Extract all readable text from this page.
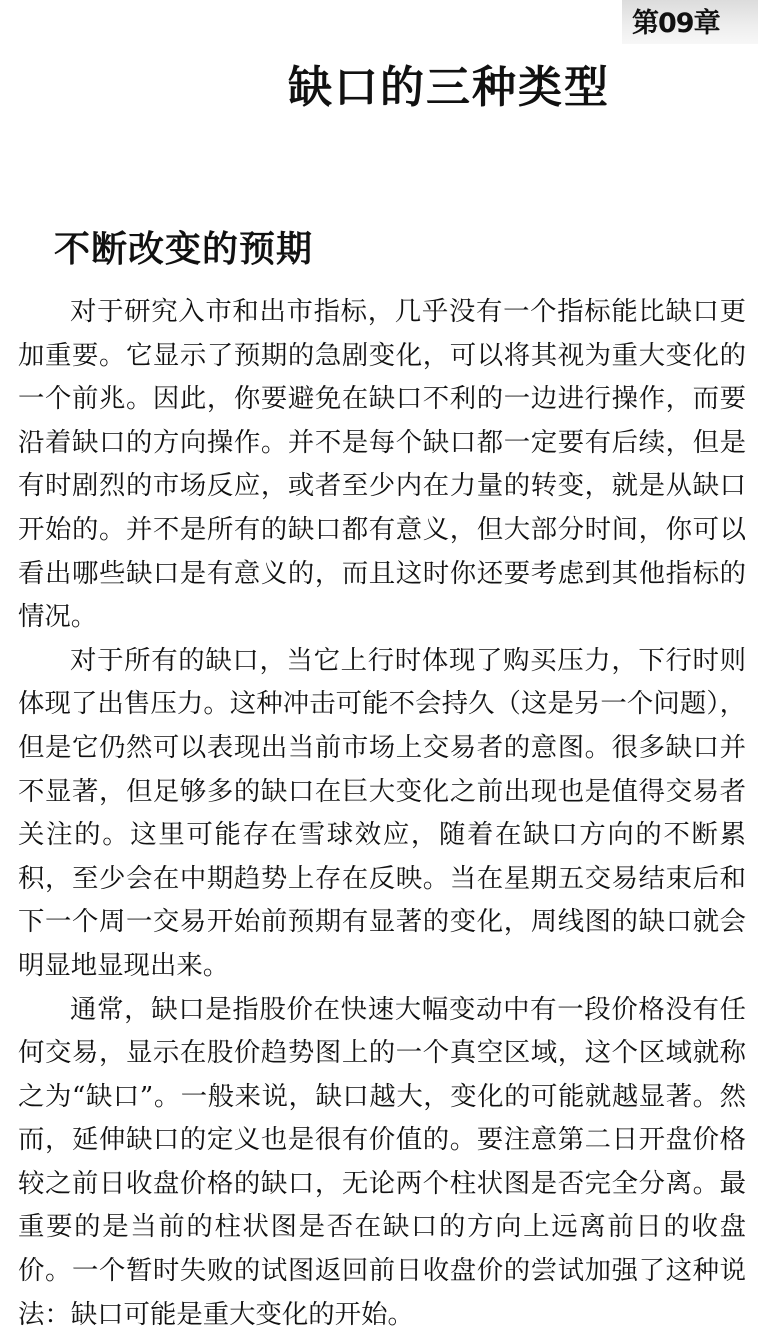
第09章
缺口的三种类型
不断改变的预期

对于研究入市和出市指标，几乎没有一个指标能比缺口更加重要。它显示了预期的急剧变化，可以将其视为重大变化的一个前兆。因此，你要避免在缺口不利的一边进行操作，而要沿着缺口的方向操作。并不是每个缺口都一定要有后续，但是有时剧烈的市场反应，或者至少内在力量的转变，就是从缺口开始的。并不是所有的缺口都有意义，但大部分时间，你可以看出哪些缺口是有意义的，而且这时你还要考虑到其他指标的情况。

对于所有的缺口，当它上行时体现了购买压力，下行时则体现了出售压力。这种冲击可能不会持久（这是另一个问题），但是它仍然可以表现出当前市场上交易者的意图。很多缺口并不显著，但足够多的缺口在巨大变化之前出现也是值得交易者关注的。这里可能存在雪球效应，随着在缺口方向的不断累积，至少会在中期趋势上存在反映。当在星期五交易结束后和下一个周一交易开始前预期有显著的变化，周线图的缺口就会明显地显现出来。

通常，缺口是指股价在快速大幅变动中有一段价格没有任何交易，显示在股价趋势图上的一个真空区域，这个区域就称之为“缺口”。一般来说，缺口越大，变化的可能就越显著。然而，延伸缺口的定义也是很有价值的。要注意第二日开盘价格较之前日收盘价格的缺口，无论两个柱状图是否完全分离。最重要的是当前的柱状图是否在缺口的方向上远离前日的收盘价。一个暂时失败的试图返回前日收盘价的尝试加强了这种说法：缺口可能是重大变化的开始。
